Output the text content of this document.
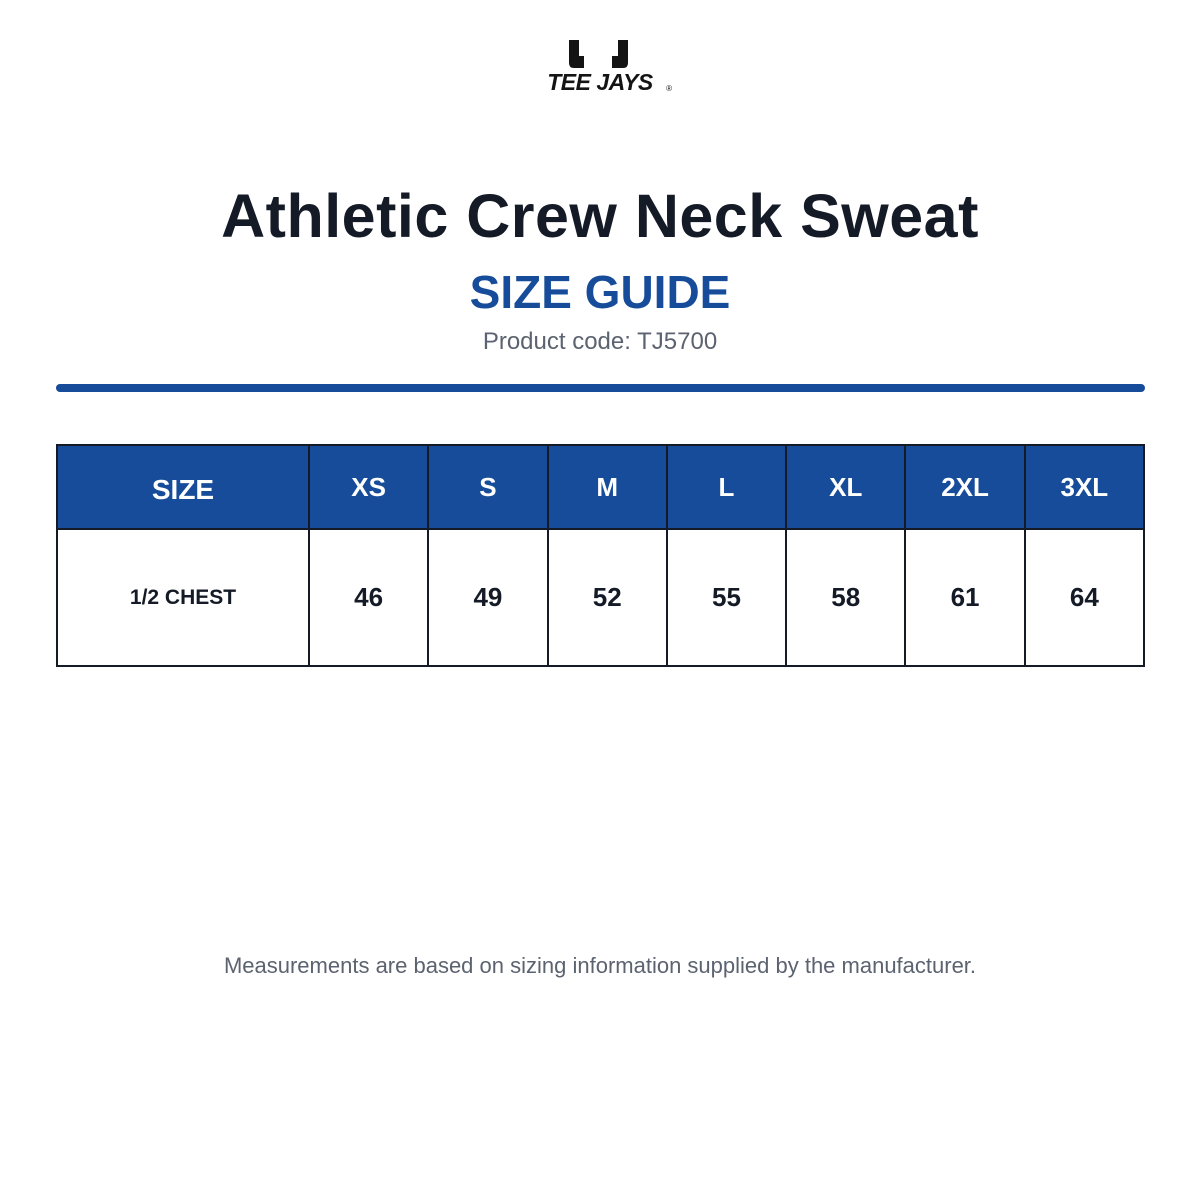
TEE JAYS	®
Athletic Crew Neck Sweat
SIZE GUIDE
Product code: TJ5700
SIZE	XS	S	M	L	XL	2XL	3XL
1/2 CHEST	46	49	52	55	58	61	64
Measurements are based on sizing information supplied by the manufacturer.
